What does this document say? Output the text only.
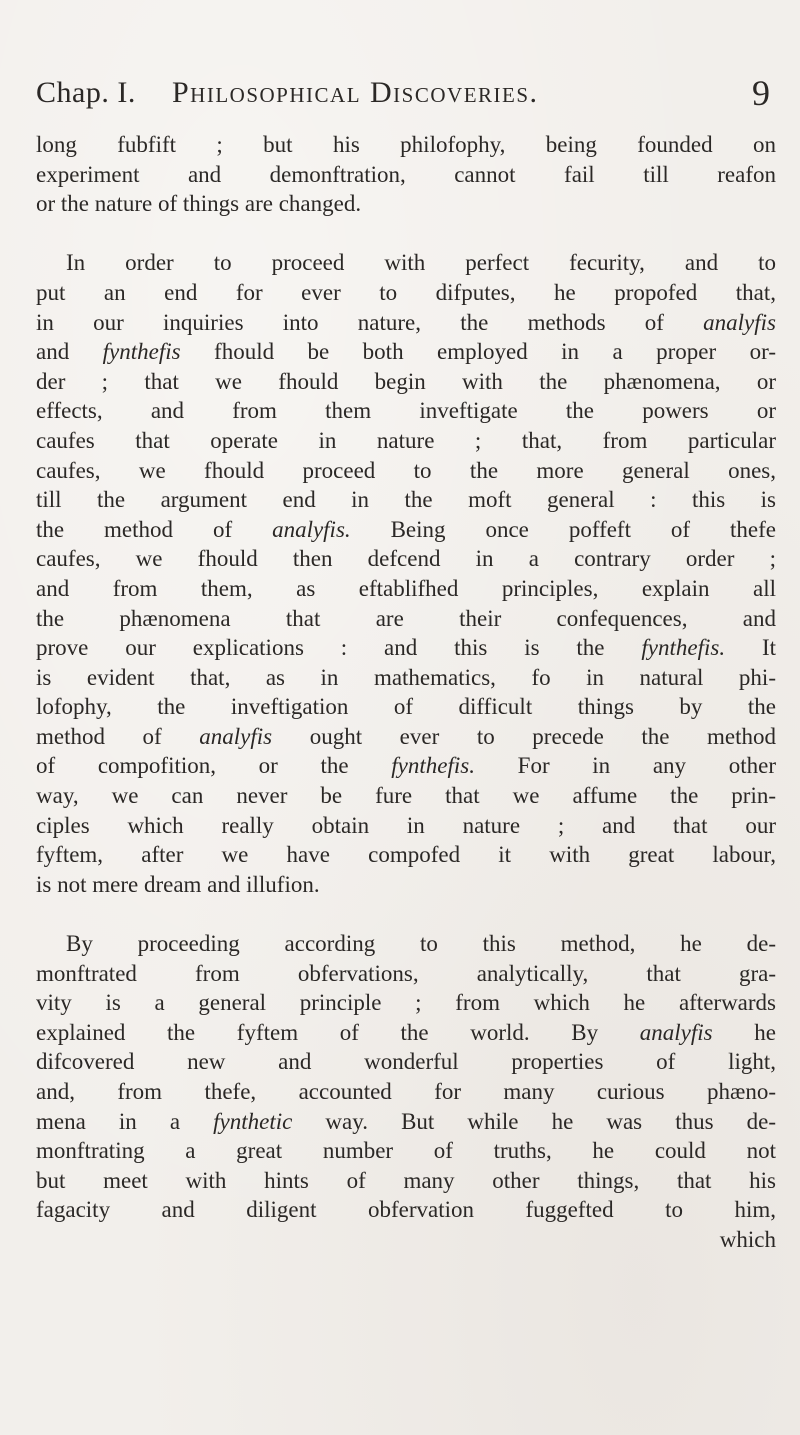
Chap. I. Philosophical Discoveries.	9
long fubfift ; but his philofophy, being founded on
experiment and demonftration, cannot fail till reafon
or the nature of things are changed.
In order to proceed with perfect fecurity, and to
put an end for ever to difputes, he propofed that,
in our inquiries into nature, the methods of analyfis
and fynthefis fhould be both employed in a proper or-
der ; that we fhould begin with the phænomena, or
effects, and from them inveftigate the powers or
caufes that operate in nature ; that, from particular
caufes, we fhould proceed to the more general ones,
till the argument end in the moft general : this is
the method of analyfis. Being once poffeft of thefe
caufes, we fhould then defcend in a contrary order ;
and from them, as eftablifhed principles, explain all
the phænomena that are their confequences, and
prove our explications : and this is the fynthefis. It
is evident that, as in mathematics, fo in natural phi-
lofophy, the inveftigation of difficult things by the
method of analyfis ought ever to precede the method
of compofition, or the fynthefis. For in any other
way, we can never be fure that we affume the prin-
ciples which really obtain in nature ; and that our
fyftem, after we have compofed it with great labour,
is not mere dream and illufion.
By proceeding according to this method, he de-
monftrated from obfervations, analytically, that gra-
vity is a general principle ; from which he afterwards
explained the fyftem of the world. By analyfis he
difcovered new and wonderful properties of light,
and, from thefe, accounted for many curious phæno-
mena in a fynthetic way. But while he was thus de-
monftrating a great number of truths, he could not
but meet with hints of many other things, that his
fagacity and diligent obfervation fuggefted to him,
which
